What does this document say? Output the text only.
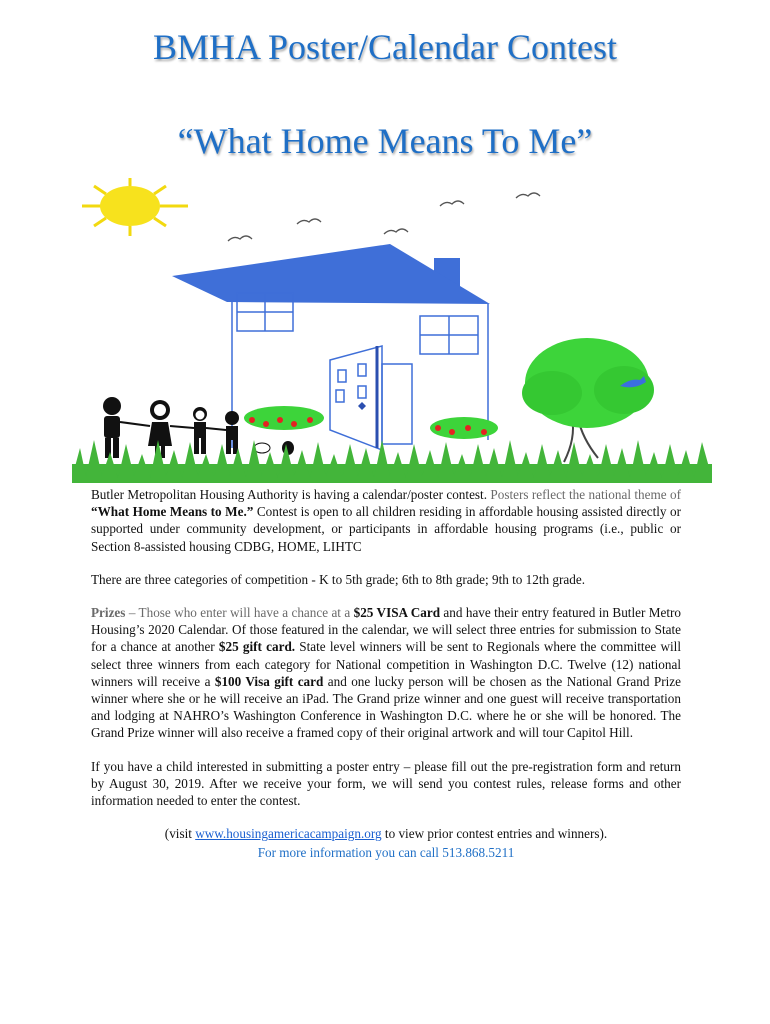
BMHA Poster/Calendar Contest
“What Home Means To Me”

Butler Metropolitan Housing Authority is having a calendar/poster contest. Posters reflect the national theme of “What Home Means to Me.” Contest is open to all children residing in affordable housing assisted directly or supported under community development, or participants in affordable housing programs (i.e., public or Section 8-assisted housing CDBG, HOME, LIHTC

There are three categories of competition - K to 5th grade; 6th to 8th grade; 9th to 12th grade.

Prizes – Those who enter will have a chance at a $25 VISA Card and have their entry featured in Butler Metro Housing’s 2020 Calendar. Of those featured in the calendar, we will select three entries for submission to State for a chance at another $25 gift card. State level winners will be sent to Regionals where the committee will select three winners from each category for National competition in Washington D.C. Twelve (12) national winners will receive a $100 Visa gift card and one lucky person will be chosen as the National Grand Prize winner where she or he will receive an iPad. The Grand prize winner and one guest will receive transportation and lodging at NAHRO’s Washington Conference in Washington D.C. where he or she will be honored. The Grand Prize winner will also receive a framed copy of their original artwork and will tour Capitol Hill.

If you have a child interested in submitting a poster entry – please fill out the pre-registration form and return by August 30, 2019. After we receive your form, we will send you contest rules, release forms and other information needed to enter the contest.

(visit www.housingamericacampaign.org to view prior contest entries and winners).

For more information you can call 513.868.5211
